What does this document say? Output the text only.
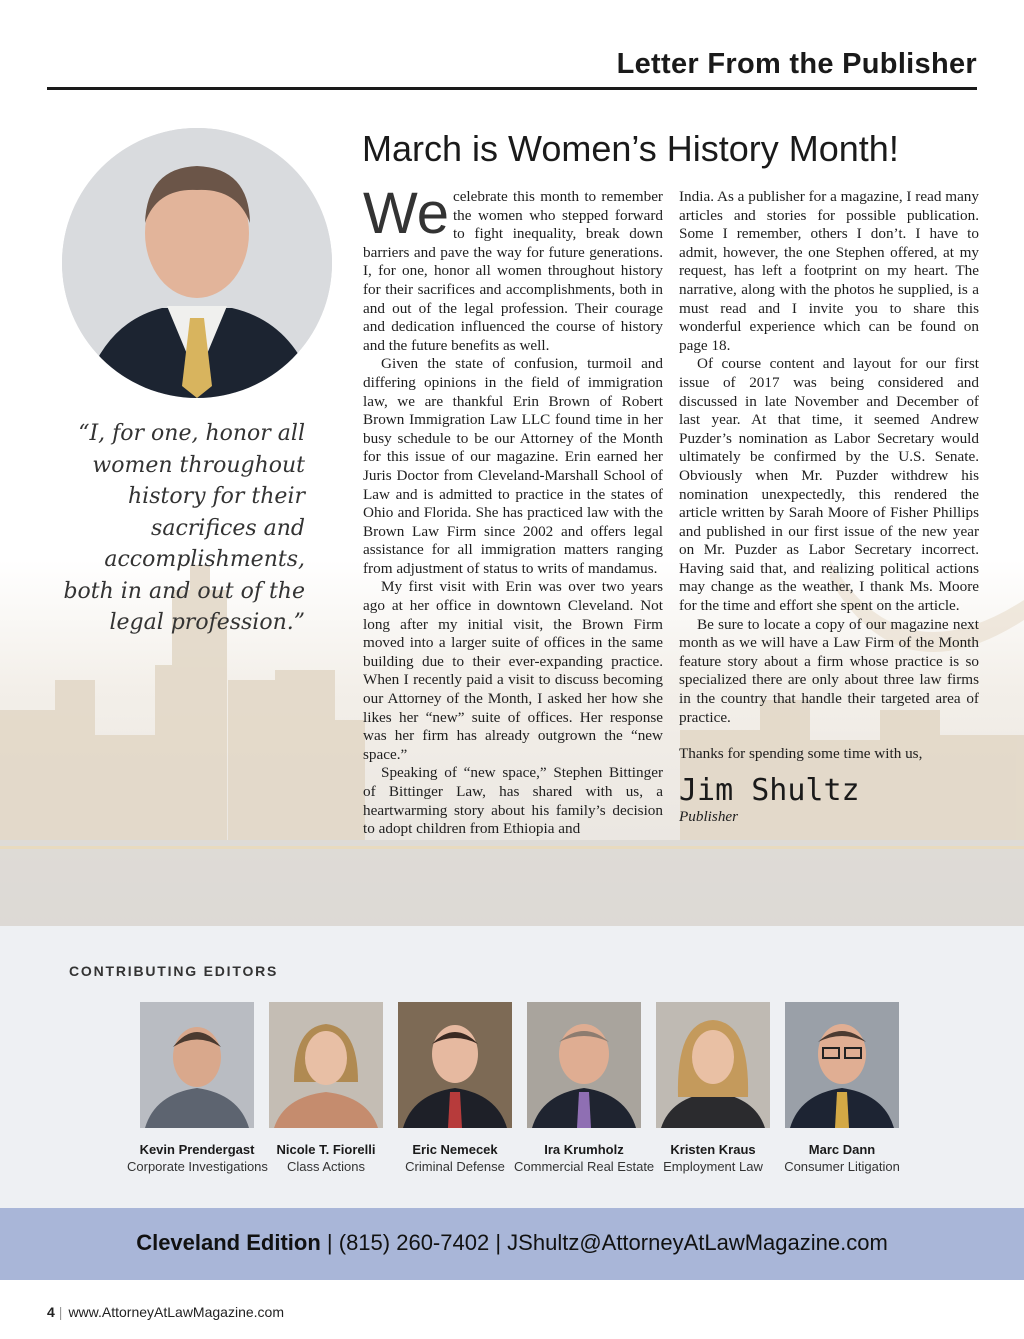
Letter From the Publisher
“I, for one, honor all women throughout history for their sacrifices and accomplishments, both in and out of the legal profession.”
March is Women’s History Month!

We celebrate this month to remember the women who stepped forward to fight inequality, break down barriers and pave the way for future generations. I, for one, honor all women throughout history for their sacrifices and accomplishments, both in and out of the legal profession. Their courage and dedication influenced the course of history and the future benefits as well.

Given the state of confusion, turmoil and differing opinions in the field of immigration law, we are thankful Erin Brown of Robert Brown Immigration Law LLC found time in her busy schedule to be our Attorney of the Month for this issue of our magazine. Erin earned her Juris Doctor from Cleveland-Marshall School of Law and is admitted to practice in the states of Ohio and Florida. She has practiced law with the Brown Law Firm since 2002 and offers legal assistance for all immigration matters ranging from adjustment of status to writs of mandamus.

My first visit with Erin was over two years ago at her office in downtown Cleveland. Not long after my initial visit, the Brown Firm moved into a larger suite of offices in the same building due to their ever-expanding practice. When I recently paid a visit to discuss becoming our Attorney of the Month, I asked her how she likes her “new” suite of offices. Her response was her firm has already outgrown the “new space.”

Speaking of “new space,” Stephen Bittinger of Bittinger Law, has shared with us, a heartwarming story about his family’s decision to adopt children from Ethiopia and

India. As a publisher for a magazine, I read many articles and stories for possible publication. Some I remember, others I don’t. I have to admit, however, the one Stephen offered, at my request, has left a footprint on my heart. The narrative, along with the photos he supplied, is a must read and I invite you to share this wonderful experience which can be found on page 18.

Of course content and layout for our first issue of 2017 was being considered and discussed in late November and December of last year. At that time, it seemed Andrew Puzder’s nomination as Labor Secretary would ultimately be confirmed by the U.S. Senate. Obviously when Mr. Puzder withdrew his nomination unexpectedly, this rendered the article written by Sarah Moore of Fisher Phillips and published in our first issue of the new year on Mr. Puzder as Labor Secretary incorrect. Having said that, and realizing political actions may change as the weather, I thank Ms. Moore for the time and effort she spent on the article.

Be sure to locate a copy of our magazine next month as we will have a Law Firm of the Month feature story about a firm whose practice is so specialized there are only about three law firms in the country that handle their targeted area of practice.

Thanks for spending some time with us,

Jim Shultz
Publisher
CONTRIBUTING EDITORS
Kevin Prendergast
Corporate Investigations
Nicole T. Fiorelli
Class Actions
Eric Nemecek
Criminal Defense
Ira Krumholz
Commercial Real Estate
Kristen Kraus
Employment Law
Marc Dann
Consumer Litigation
Cleveland Edition | (815) 260-7402 | JShultz@AttorneyAtLawMagazine.com
4 | www.AttorneyAtLawMagazine.com
